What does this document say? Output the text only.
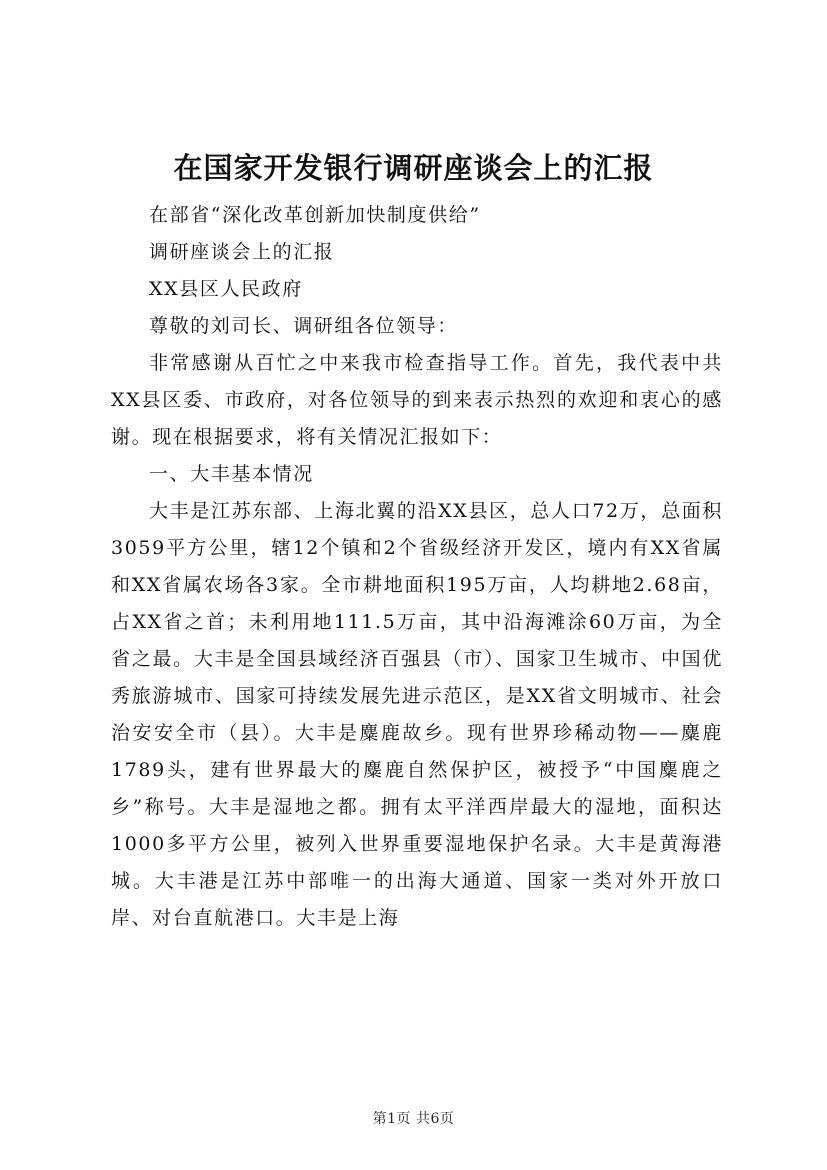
在国家开发银行调研座谈会上的汇报

在部省“深化改革创新加快制度供给”

调研座谈会上的汇报

XX县区人民政府

尊敬的刘司长、调研组各位领导：

非常感谢从百忙之中来我市检查指导工作。首先，我代表中共XX县区委、市政府，对各位领导的到来表示热烈的欢迎和衷心的感谢。现在根据要求，将有关情况汇报如下：

一、大丰基本情况

大丰是江苏东部、上海北翼的沿XX县区，总人口72万，总面积3059平方公里，辖12个镇和2个省级经济开发区，境内有XX省属和XX省属农场各3家。全市耕地面积195万亩，人均耕地2.68亩，占XX省之首；未利用地111.5万亩，其中沿海滩涂60万亩，为全省之最。大丰是全国县域经济百强县（市）、国家卫生城市、中国优秀旅游城市、国家可持续发展先进示范区，是XX省文明城市、社会治安安全市（县）。大丰是麋鹿故乡。现有世界珍稀动物——麋鹿1789头，建有世界最大的麋鹿自然保护区，被授予“中国麋鹿之乡”称号。大丰是湿地之都。拥有太平洋西岸最大的湿地，面积达1000多平方公里，被列入世界重要湿地保护名录。大丰是黄海港城。大丰港是江苏中部唯一的出海大通道、国家一类对外开放口岸、对台直航港口。大丰是上海

第1页 共6页
